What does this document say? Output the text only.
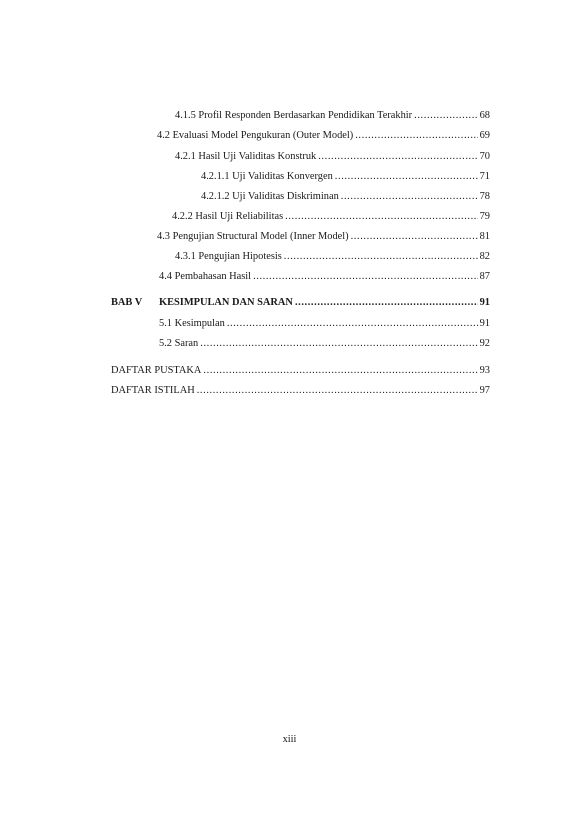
4.1.5 Profil Responden Berdasarkan Pendidikan Terakhir .....	68
4.2 Evaluasi Model Pengukuran (Outer Model) .....	69
4.2.1 Hasil Uji Validitas Konstruk .....	70
4.2.1.1 Uji Validitas Konvergen .....	71
4.2.1.2 Uji Validitas Diskriminan .....	78
4.2.2 Hasil Uji Reliabilitas .....	79
4.3 Pengujian Structural Model (Inner Model) .....	81
4.3.1 Pengujian Hipotesis .....	82
4.4 Pembahasan Hasil .....	87
BAB V	KESIMPULAN DAN SARAN .....	91
5.1 Kesimpulan .....	91
5.2 Saran .....	92
DAFTAR PUSTAKA .....	93
DAFTAR ISTILAH .....	97
xiii
